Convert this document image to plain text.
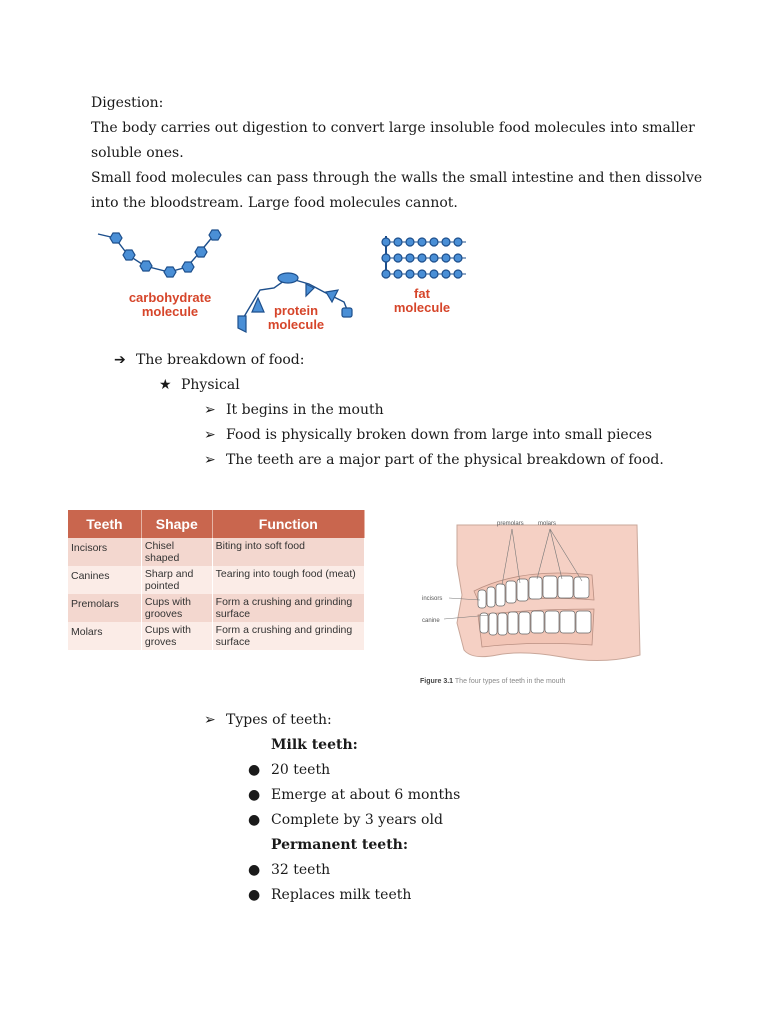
Digestion:
The body carries out digestion to convert large insoluble food molecules into smaller
soluble ones.
Small food molecules can pass through the walls the small intestine and then dissolve
into the bloodstream. Large food molecules cannot.

carbohydrate
molecule	protein
molecule
fat
molecule
➔ The breakdown of food:
★ Physical
➢ It begins in the mouth
➢ Food is physically broken down from large into small pieces
➢ The teeth are a major part of the physical breakdown of food.
Teeth	Shape	Function
Incisors	Chisel shaped	Biting into soft food
Canines	Sharp and pointed	Tearing into tough food (meat)
Premolars	Cups with grooves	Form a crushing and grinding surface
Molars	Cups with groves	Form a crushing and grinding surface
premolars molars
incisors
canine
Figure 3.1 The four types of teeth in the mouth
➢ Types of teeth:
Milk teeth:
● 20 teeth
● Emerge at about 6 months
● Complete by 3 years old
Permanent teeth:
● 32 teeth
● Replaces milk teeth
